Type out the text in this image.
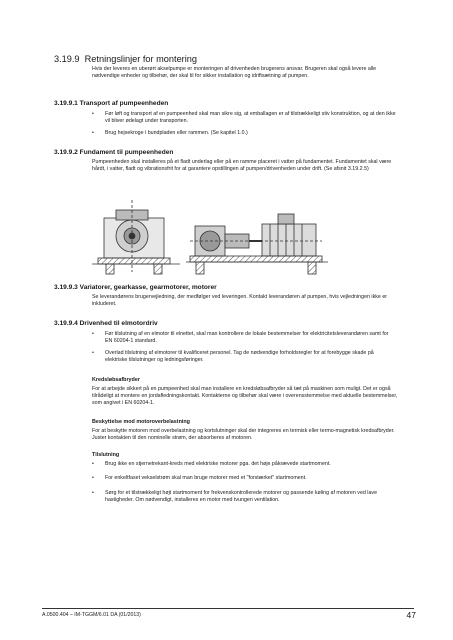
3.19.9 Retningslinjer for montering
Hvis der leveres en uberørt akselpumpe er monteringen af drivenheden brugerens ansvar. Brugeren skal også levere alle nødvendige enheder og tilbehør, der skal til for sikker installation og idriftsætning af pumpen.
3.19.9.1 Transport af pumpeenheden
• Før løft og transport af en pumpeenhed skal man sikre sig, at emballagen er af tilstrækkeligt stiv konstruktion, og at den ikke vil bliver ødelagt under transporten.
• Brug hejsekroge i bundpladen eller rammen. (Se kapitel 1.0.)
3.19.9.2 Fundament til pumpeenheden
Pumpeenheden skal installeres på et fladt underlag eller på en ramme placeret i vatter på fundamentet. Fundamentet skal være hårdt, i vatter, fladt og vibrationsfrit for at garantere opstillingen af pumpen/drivenheden under drift. (Se afsnit 3.19.2.5)
3.19.9.3 Variatorer, gearkasse, gearmotorer, motorer
Se leverandørens brugervejledning, der medfølger ved leveringen. Kontakt leverandøren af pumpen, hvis vejledningen ikke er inkluderet.
3.19.9.4 Drivenhed til elmotordriv
• Før tilslutning af en elmotor til elnettet, skal man kontrollere de lokale bestemmelser for elektricitetsleverandøren samt for EN 60204-1 standard.
• Overlad tilslutning af elmotorer til kvalificeret personel. Tag de nødvendige forholdsregler for at forebygge skade på elektriske tilslutninger og ledningsføringer.
Kredsløbsafbryder
For at arbejde sikkert på en pumpeenhed skal man installere en kredsløbsafbryder så tæt på maskinen som muligt. Det er også tilrådeligt at montere en jordafledningskontakt. Kontakterne og tilbehør skal være i overensstemmelse med aktuelle bestemmelser, som angivet i EN 60204-1.
Beskyttelse mod motoroverbelastning
For at beskytte motoren mod overbelastning og kortslutninger skal der integreres en termisk eller termo-magnetisk kredsafbryder. Juster kontakten til den nominelle strøm, der absorberes af motoren.
Tilslutning
• Brug ikke en stjernetrekant-kreds med elektriske motorer pga. det høje påkrævede startmoment.
• For enkeltfaset vekselstrøm skal man bruge motorer med et "forstærket" startmoment.
• Sørg for et tilstrækkeligt højt startmoment for frekvenskontrollerede motorer og passende køling af motoren ved lave hastigheder. Om nødvendigt, installeres en motor med tvungen ventilation.
A.0500.404 – IM-TGGM/6.01 DA (01/2013)	47
